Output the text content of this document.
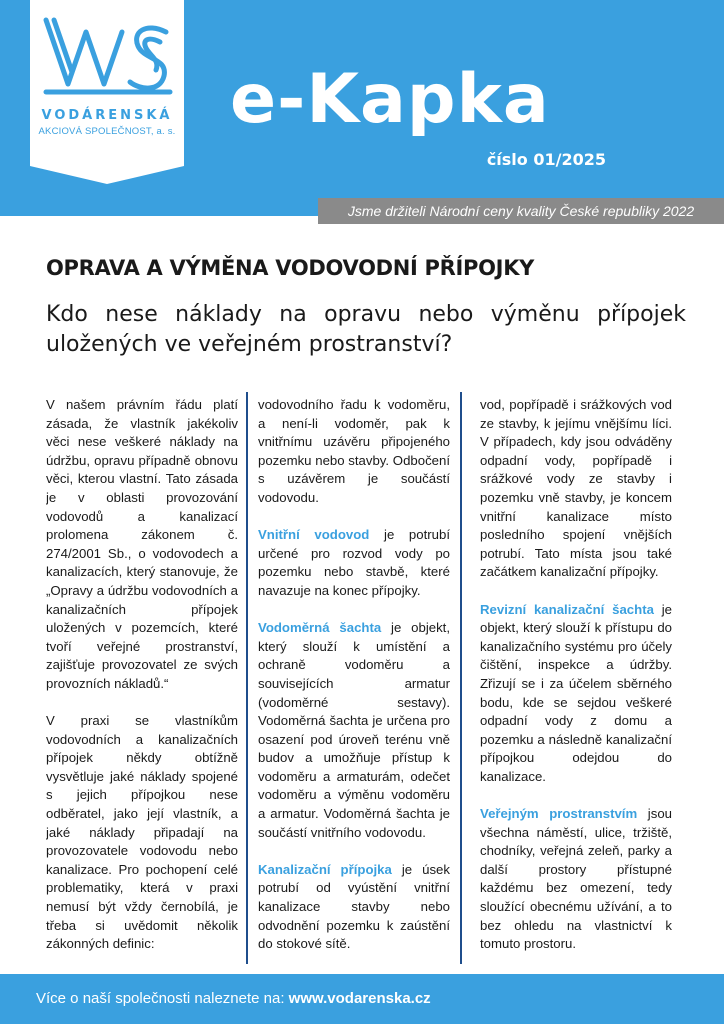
VODÁRENSKÁ
AKCIOVÁ SPOLEČNOST, a. s. e-Kapka
číslo 01/2025
Jsme držiteli Národní ceny kvality České republiky 2022
OPRAVA A VÝMĚNA VODOVODNÍ PŘÍPOJKY
Kdo nese náklady na opravu nebo výměnu přípojek uložených ve veřejném prostranství?

V našem právním řádu platí zásada, že vlastník jakékoliv věci nese veškeré náklady na údržbu, opravu případně obnovu věci, kterou vlastní. Tato zásada je v oblasti provozování vodovodů a kanalizací prolomena zákonem č. 274/2001 Sb., o vodovodech a kanalizacích, který stanovuje, že „Opravy a údržbu vodovodních a kanalizačních přípojek uložených v pozemcích, které tvoří veřejné prostranství, zajišťuje provozovatel ze svých provozních nákladů.“

V praxi se vlastníkům vodovodních a kanalizačních přípojek někdy obtížně vysvětluje jaké náklady spojené s jejich přípojkou nese odběratel, jako její vlastník, a jaké náklady připadají na provozovatele vodovodu nebo kanalizace. Pro pochopení celé problematiky, která v praxi nemusí být vždy černobílá, je třeba si uvědomit několik zákonných definic:

vodovodního řadu k vodoměru, a není-li vodoměr, pak k vnitřnímu uzávěru připojeného pozemku nebo stavby. Odbočení s uzávěrem je součástí vodovodu.

Vnitřní vodovod je potrubí určené pro rozvod vody po pozemku nebo stavbě, které navazuje na konec přípojky.

Vodoměrná šachta je objekt, který slouží k umístění a ochraně vodoměru a souvisejících armatur (vodoměrné sestavy). Vodoměrná šachta je určena pro osazení pod úroveň terénu vně budov a umožňuje přístup k vodoměru a armaturám, odečet vodoměru a výměnu vodoměru a armatur. Vodoměrná šachta je součástí vnitřního vodovodu.

Kanalizační přípojka je úsek potrubí od vyústění vnitřní kanalizace stavby nebo odvodnění pozemku k zaústění do stokové sítě.

vod, popřípadě i srážkových vod ze stavby, k jejímu vnějšímu líci. V případech, kdy jsou odváděny odpadní vody, popřípadě i srážkové vody ze stavby i pozemku vně stavby, je koncem vnitřní kanalizace místo posledního spojení vnějších potrubí. Tato místa jsou také začátkem kanalizační přípojky.

Revizní kanalizační šachta je objekt, který slouží k přístupu do kanalizačního systému pro účely čištění, inspekce a údržby. Zřizují se i za účelem sběrného bodu, kde se sejdou veškeré odpadní vody z domu a pozemku a následně kanalizační přípojkou odejdou do kanalizace.

Veřejným prostranstvím jsou všechna náměstí, ulice, tržiště, chodníky, veřejná zeleň, parky a další prostory přístupné každému bez omezení, tedy sloužící obecnému užívání, a to bez ohledu na vlastnictví k tomuto prostoru.

Více o naší společnosti naleznete na: www.vodarenska.cz
